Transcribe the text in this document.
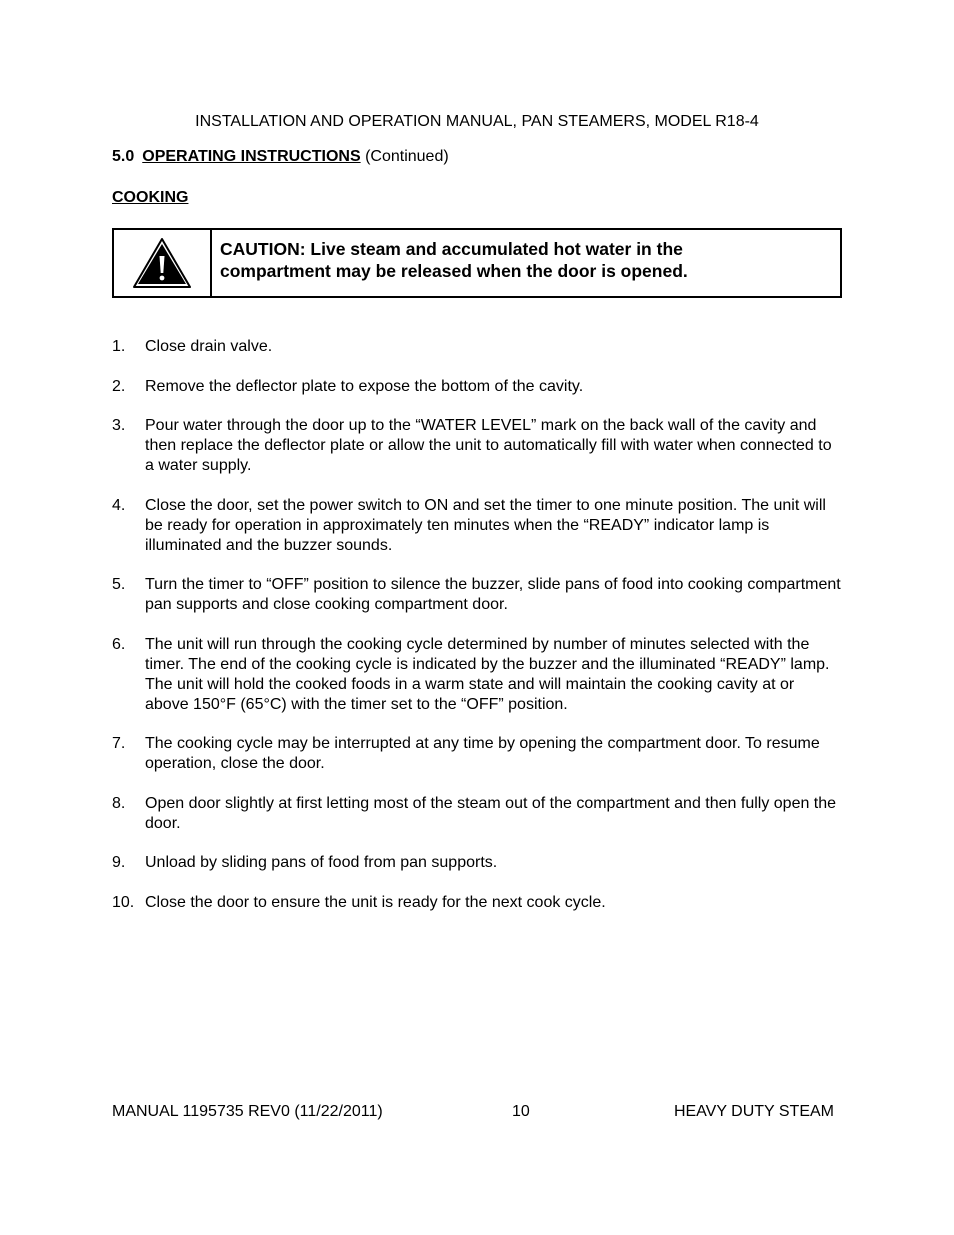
INSTALLATION AND OPERATION MANUAL, PAN STEAMERS, MODEL R18-4
5.0 OPERATING INSTRUCTIONS (Continued)
COOKING
CAUTION: Live steam and accumulated hot water in the
compartment may be released when the door is opened.
1.	Close drain valve.
2.	Remove the deflector plate to expose the bottom of the cavity.
3.	Pour water through the door up to the “WATER LEVEL” mark on the back wall of the cavity and then replace the deflector plate or allow the unit to automatically fill with water when connected to a water supply.
4.	Close the door, set the power switch to ON and set the timer to one minute position. The unit will be ready for operation in approximately ten minutes when the “READY” indicator lamp is illuminated and the buzzer sounds.
5.	Turn the timer to “OFF” position to silence the buzzer, slide pans of food into cooking compartment pan supports and close cooking compartment door.
6.	The unit will run through the cooking cycle determined by number of minutes selected with the timer. The end of the cooking cycle is indicated by the buzzer and the illuminated “READY” lamp. The unit will hold the cooked foods in a warm state and will maintain the cooking cavity at or above 150°F (65°C) with the timer set to the “OFF” position.
7.	The cooking cycle may be interrupted at any time by opening the compartment door. To resume operation, close the door.
8.	Open door slightly at first letting most of the steam out of the compartment and then fully open the door.
9.	Unload by sliding pans of food from pan supports.
10. Close the door to ensure the unit is ready for the next cook cycle.
MANUAL 1195735 REV0 (11/22/2011)	10	HEAVY DUTY STEAM
